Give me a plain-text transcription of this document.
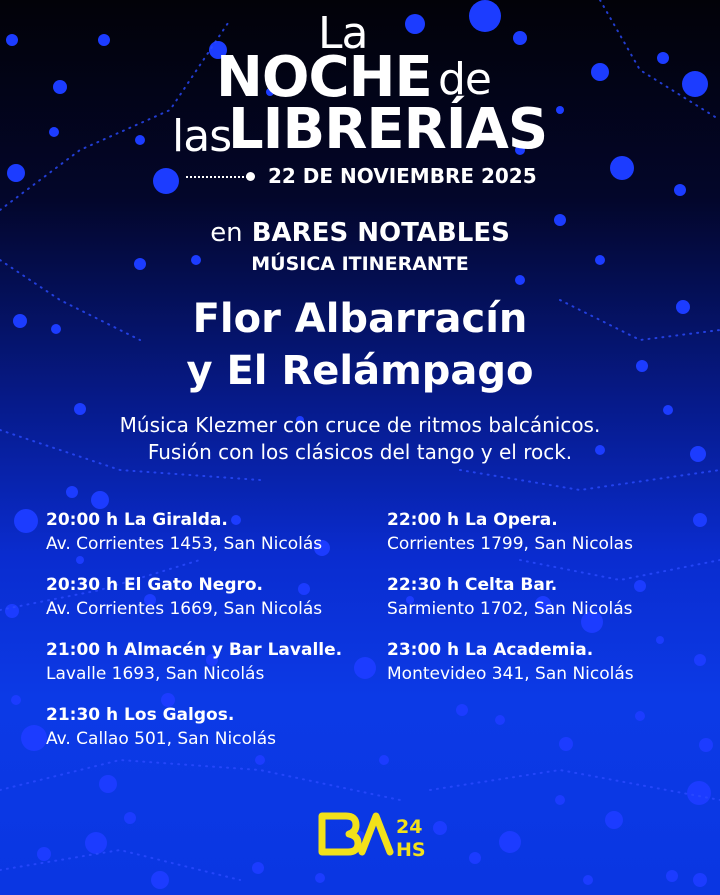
La
NOCHE de
las
LIBRERÍAS
22 DE NOVIEMBRE 2025
en BARES NOTABLES
MÚSICA ITINERANTE
Flor Albarracín
y El Relámpago
Música Klezmer con cruce de ritmos balcánicos.
Fusión con los clásicos del tango y el rock.
20:00 h La Giralda.
Av. Corrientes 1453, San Nicolás
20:30 h El Gato Negro.
Av. Corrientes 1669, San Nicolás
21:00 h Almacén y Bar Lavalle.
Lavalle 1693, San Nicolás
21:30 h Los Galgos.
Av. Callao 501, San Nicolás
22:00 h La Opera.
Corrientes 1799, San Nicolas
22:30 h Celta Bar.
Sarmiento 1702, San Nicolás
23:00 h La Academia.
Montevideo 341, San Nicolás
24
HS
